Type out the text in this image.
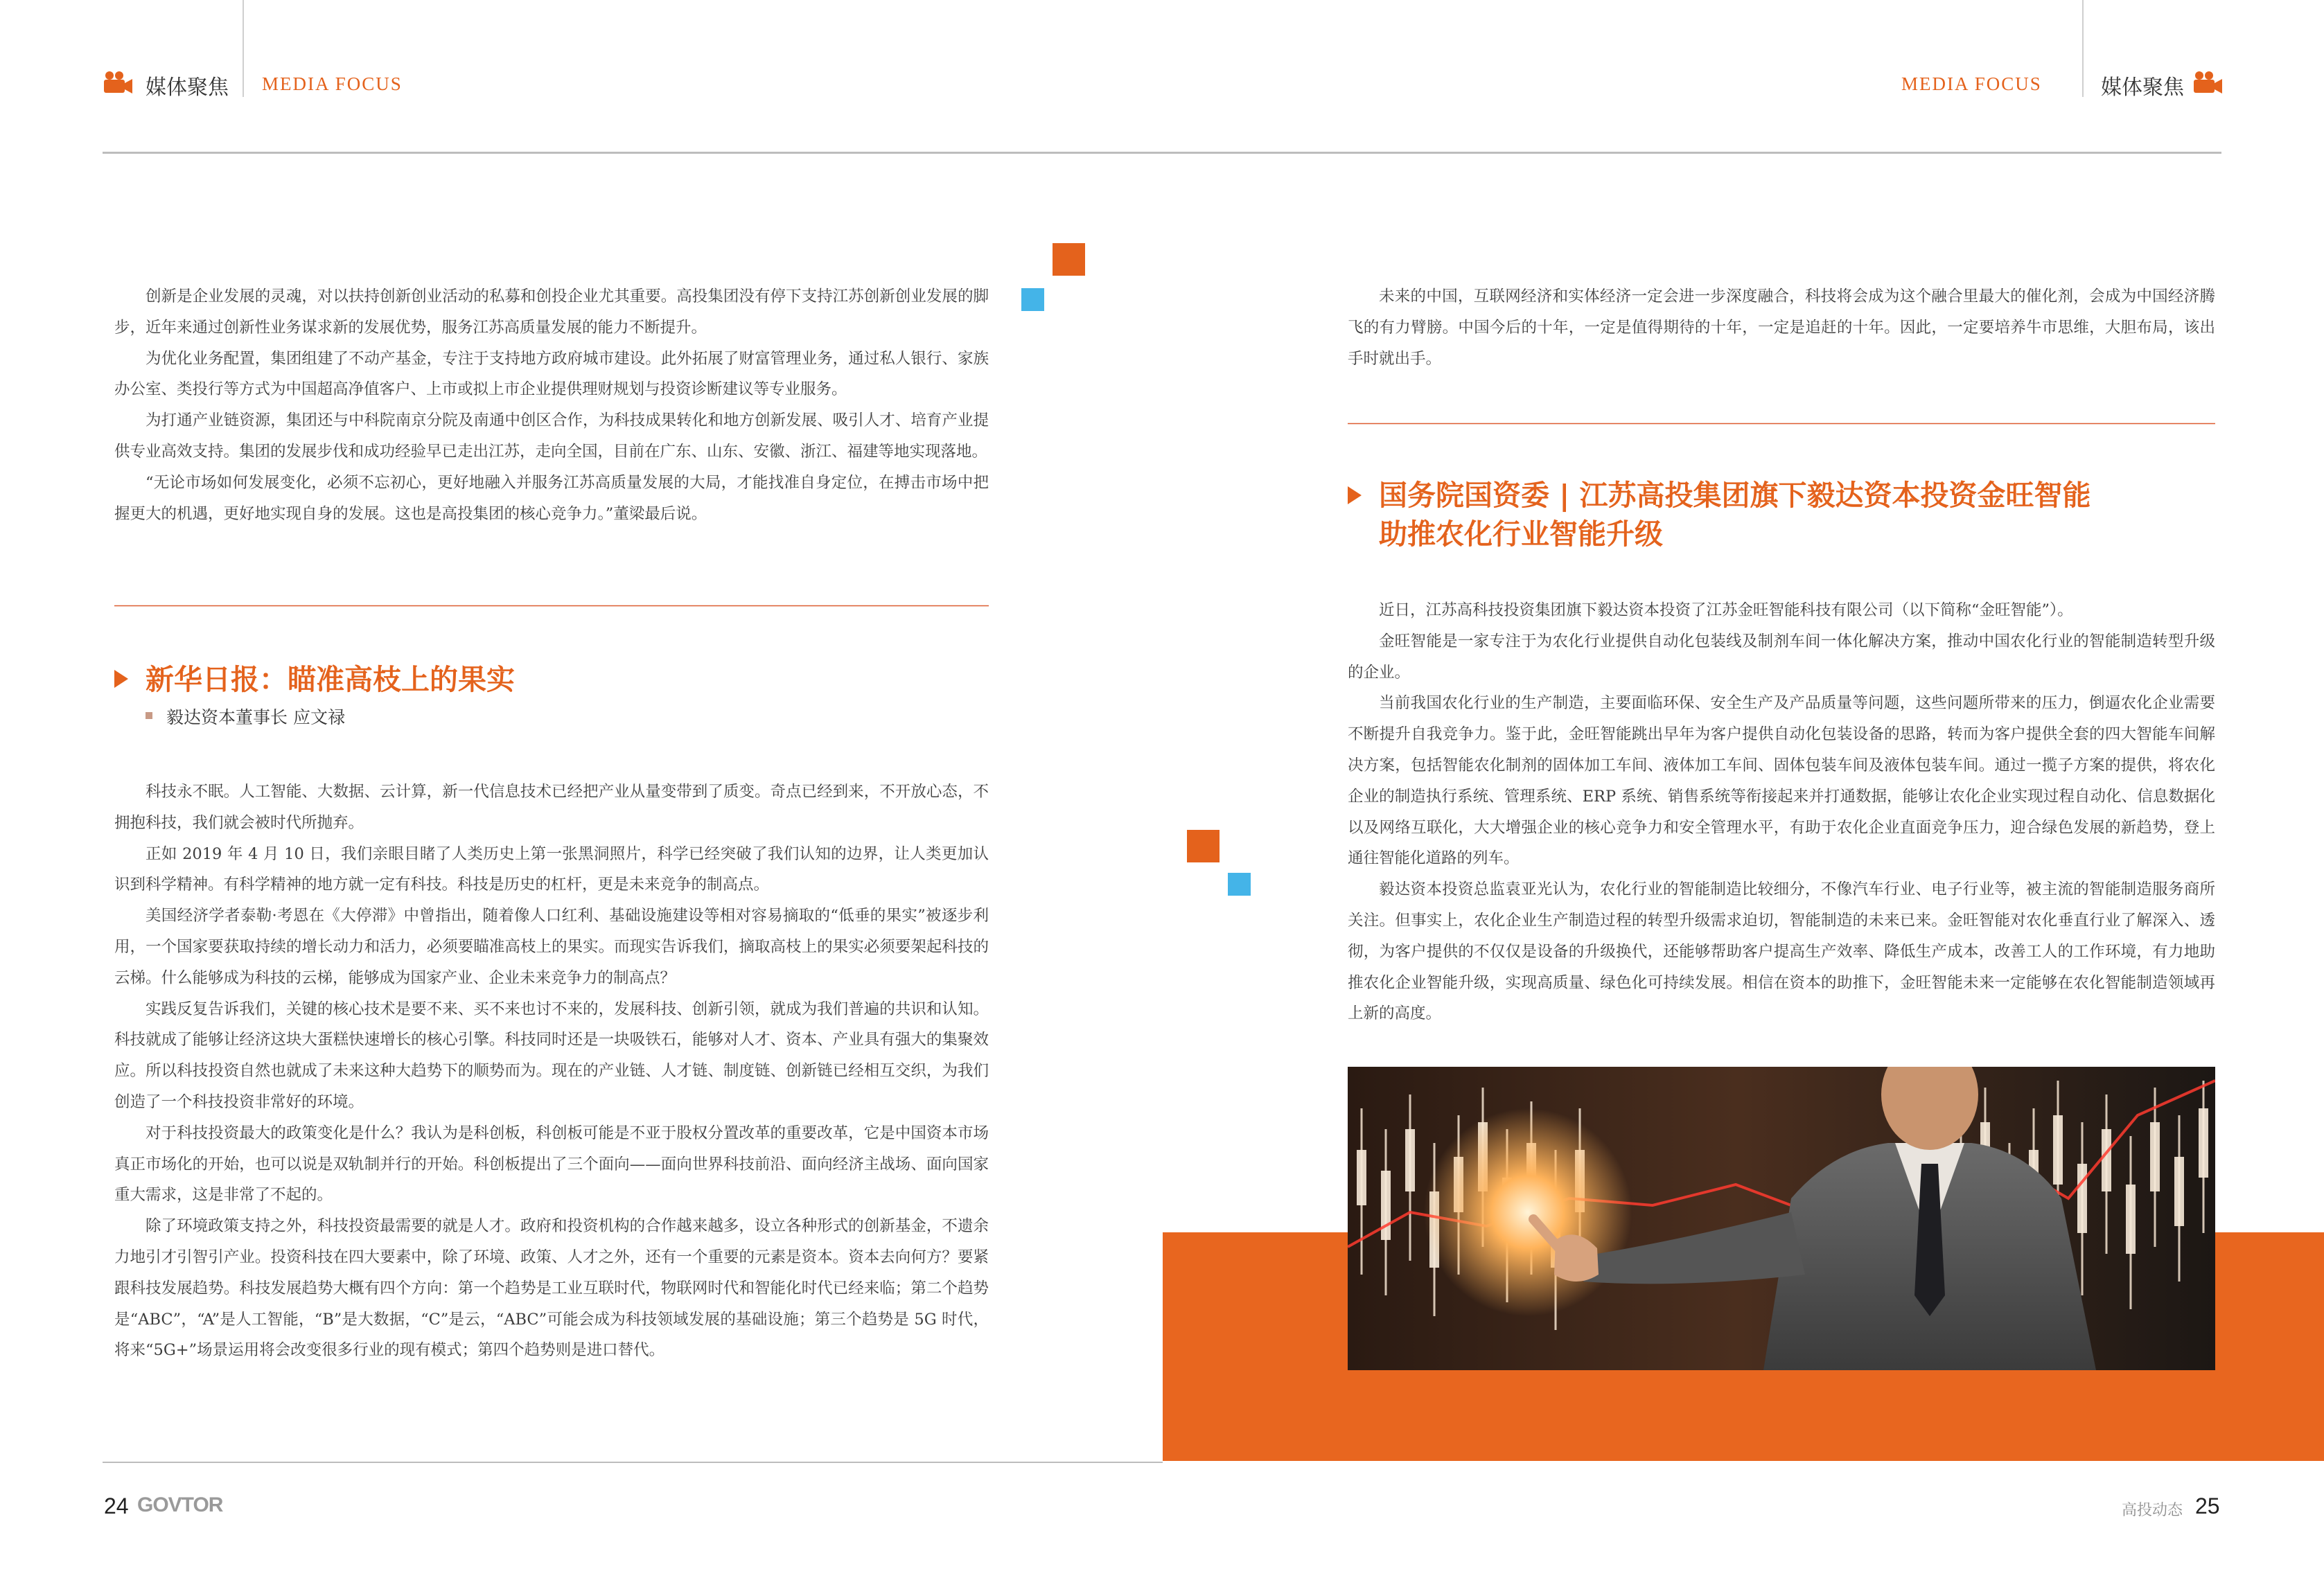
媒体聚焦 MEDIA FOCUS	MEDIA FOCUS	媒体聚焦

创新是企业发展的灵魂，对以扶持创新创业活动的私募和创投企业尤其重要。高投集团没有停下支持江苏创新创业发展的脚步，近年来通过创新性业务谋求新的发展优势，服务江苏高质量发展的能力不断提升。

为优化业务配置，集团组建了不动产基金，专注于支持地方政府城市建设。此外拓展了财富管理业务，通过私人银行、家族办公室、类投行等方式为中国超高净值客户、上市或拟上市企业提供理财规划与投资诊断建议等专业服务。

为打通产业链资源，集团还与中科院南京分院及南通中创区合作，为科技成果转化和地方创新发展、吸引人才、培育产业提供专业高效支持。集团的发展步伐和成功经验早已走出江苏，走向全国，目前在广东、山东、安徽、浙江、福建等地实现落地。

“无论市场如何发展变化，必须不忘初心，更好地融入并服务江苏高质量发展的大局，才能找准自身定位，在搏击市场中把握更大的机遇，更好地实现自身的发展。这也是高投集团的核心竞争力。”董梁最后说。

新华日报：瞄准高枝上的果实
毅达资本董事长 应文禄

科技永不眠。人工智能、大数据、云计算，新一代信息技术已经把产业从量变带到了质变。奇点已经到来，不开放心态，不拥抱科技，我们就会被时代所抛弃。

正如 2019 年 4 月 10 日，我们亲眼目睹了人类历史上第一张黑洞照片，科学已经突破了我们认知的边界，让人类更加认识到科学精神。有科学精神的地方就一定有科技。科技是历史的杠杆，更是未来竞争的制高点。

美国经济学者泰勒·考恩在《大停滞》中曾指出，随着像人口红利、基础设施建设等相对容易摘取的“低垂的果实”被逐步利用，一个国家要获取持续的增长动力和活力，必须要瞄准高枝上的果实。而现实告诉我们，摘取高枝上的果实必须要架起科技的云梯。什么能够成为科技的云梯，能够成为国家产业、企业未来竞争力的制高点？

实践反复告诉我们，关键的核心技术是要不来、买不来也讨不来的，发展科技、创新引领，就成为我们普遍的共识和认知。科技就成了能够让经济这块大蛋糕快速增长的核心引擎。科技同时还是一块吸铁石，能够对人才、资本、产业具有强大的集聚效应。所以科技投资自然也就成了未来这种大趋势下的顺势而为。现在的产业链、人才链、制度链、创新链已经相互交织，为我们创造了一个科技投资非常好的环境。

对于科技投资最大的政策变化是什么？我认为是科创板，科创板可能是不亚于股权分置改革的重要改革，它是中国资本市场真正市场化的开始，也可以说是双轨制并行的开始。科创板提出了三个面向——面向世界科技前沿、面向经济主战场、面向国家重大需求，这是非常了不起的。

除了环境政策支持之外，科技投资最需要的就是人才。政府和投资机构的合作越来越多，设立各种形式的创新基金，不遗余力地引才引智引产业。投资科技在四大要素中，除了环境、政策、人才之外，还有一个重要的元素是资本。资本去向何方？要紧跟科技发展趋势。科技发展趋势大概有四个方向：第一个趋势是工业互联时代，物联网时代和智能化时代已经来临；第二个趋势是“ABC”，“A”是人工智能，“B”是大数据，“C”是云，“ABC”可能会成为科技领域发展的基础设施；第三个趋势是 5G 时代，将来“5G+”场景运用将会改变很多行业的现有模式；第四个趋势则是进口替代。

未来的中国，互联网经济和实体经济一定会进一步深度融合，科技将会成为这个融合里最大的催化剂，会成为中国经济腾飞的有力臂膀。中国今后的十年，一定是值得期待的十年，一定是追赶的十年。因此，一定要培养牛市思维，大胆布局，该出手时就出手。

国务院国资委 | 江苏高投集团旗下毅达资本投资金旺智能
助推农化行业智能升级

近日，江苏高科技投资集团旗下毅达资本投资了江苏金旺智能科技有限公司（以下简称“金旺智能”）。

金旺智能是一家专注于为农化行业提供自动化包装线及制剂车间一体化解决方案，推动中国农化行业的智能制造转型升级的企业。

当前我国农化行业的生产制造，主要面临环保、安全生产及产品质量等问题，这些问题所带来的压力，倒逼农化企业需要不断提升自我竞争力。鉴于此，金旺智能跳出早年为客户提供自动化包装设备的思路，转而为客户提供全套的四大智能车间解决方案，包括智能农化制剂的固体加工车间、液体加工车间、固体包装车间及液体包装车间。通过一揽子方案的提供，将农化企业的制造执行系统、管理系统、ERP 系统、销售系统等衔接起来并打通数据，能够让农化企业实现过程自动化、信息数据化以及网络互联化，大大增强企业的核心竞争力和安全管理水平，有助于农化企业直面竞争压力，迎合绿色发展的新趋势，登上通往智能化道路的列车。

毅达资本投资总监袁亚光认为，农化行业的智能制造比较细分，不像汽车行业、电子行业等，被主流的智能制造服务商所关注。但事实上，农化企业生产制造过程的转型升级需求迫切，智能制造的未来已来。金旺智能对农化垂直行业了解深入、透彻，为客户提供的不仅仅是设备的升级换代，还能够帮助客户提高生产效率、降低生产成本，改善工人的工作环境，有力地助推农化企业智能升级，实现高质量、绿色化可持续发展。相信在资本的助推下，金旺智能未来一定能够在农化智能制造领域再上新的高度。

24 GOVTOR	高投动态 25
